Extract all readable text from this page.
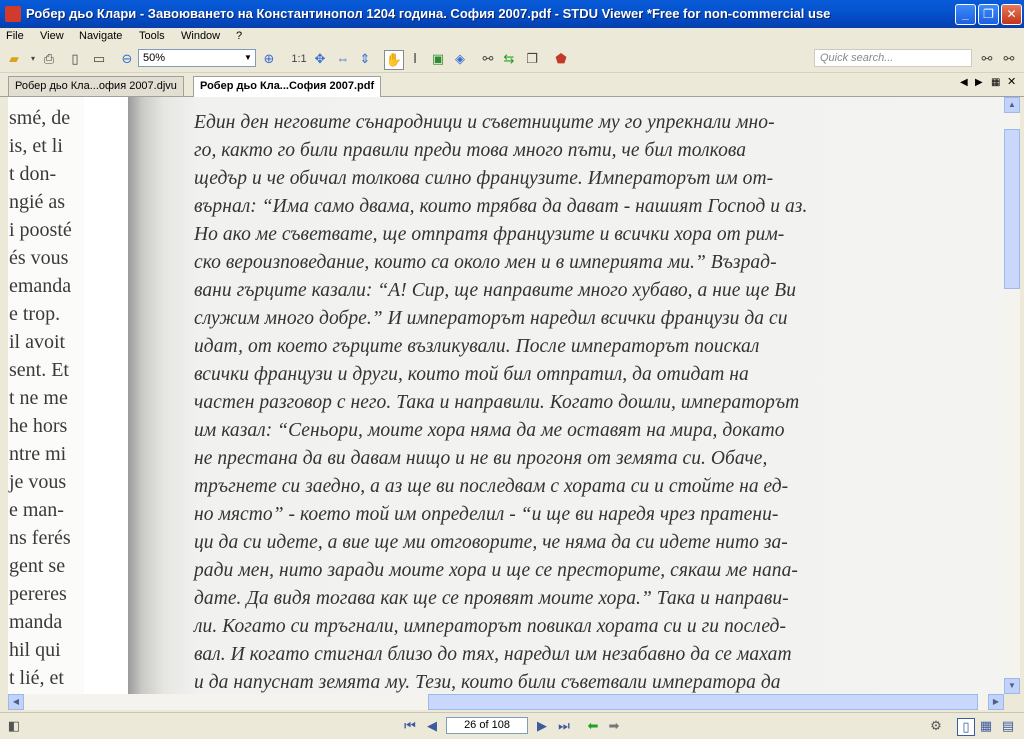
Робер дьо Клари - Завоюването на Константинопол 1204 година. София 2007.pdf - STDU Viewer *Free for non-commercial use	_	❐	✕
File View Navigate Tools Window ?
▰	▾ ⎙	▯	▭ ⊖ 50%	▼ ⊕	1:1 ✥ ⇔ ⇕ ✋ Ⅰ	▣ ◈	⚯ ⇆ ❐ ⬟	Quick search...	⚯ ⚯
Робер дьо Кла...офия 2007.djvu	Робер дьо Кла...София 2007.pdf	◀ ▶ ▦ ✕
smé, de
is, et li
t don-
ngié as
i poosté
és vous
emanda
e trop.
il avoit
sent. Et
t ne me
he hors
ntre mi
je vous
e man-
ns ferés
gent se
pereres
manda
hil qui
t lié, et
Един ден неговите сънародници и съветниците му го упрекнали мно-
го, както го били правили преди това много пъти, че бил толкова
щедър и че обичал толкова силно французите. Императорът им от-
върнал: “Има само двама, които трябва да дават - нашият Господ и аз.
Но ако ме съветвате, ще отпратя французите и всички хора от рим-
ско вероизповедание, които са около мен и в империята ми.” Възрад-
вани гърците казали: “А! Сир, ще направите много хубаво, а ние ще Ви
служим много добре.” И императорът наредил всички французи да си
идат, от което гърците възликували. После императорът поискал
всички французи и други, които той бил отпратил, да отидат на
частен разговор с него. Така и направили. Когато дошли, императорът
им казал: “Сеньори, моите хора няма да ме оставят на мира, докато
не престана да ви давам нищо и не ви прогоня от земята си. Обаче,
тръгнете си заедно, а аз ще ви последвам с хората си и стойте на ед-
но място” - което той им определил - “и ще ви наредя чрез пратени-
ци да си идете, а вие ще ми отговорите, че няма да си идете нито за-
ради мен, нито заради моите хора и ще се престорите, сякаш ме напа-
дате. Да видя тогава как ще се проявят моите хора.” Така и направи-
ли. Когато си тръгнали, императорът повикал хората си и ги послед-
вал. И когато стигнал близо до тях, наредил им незабавно да се махат
и да напуснат земята му. Тези, които били съветвали императора да
▲
▼
◀	▶
◧	⏮ ◀	26 of 108	▶ ⏭ ⬅ ➡	⚙	▯ ▦ ▤
